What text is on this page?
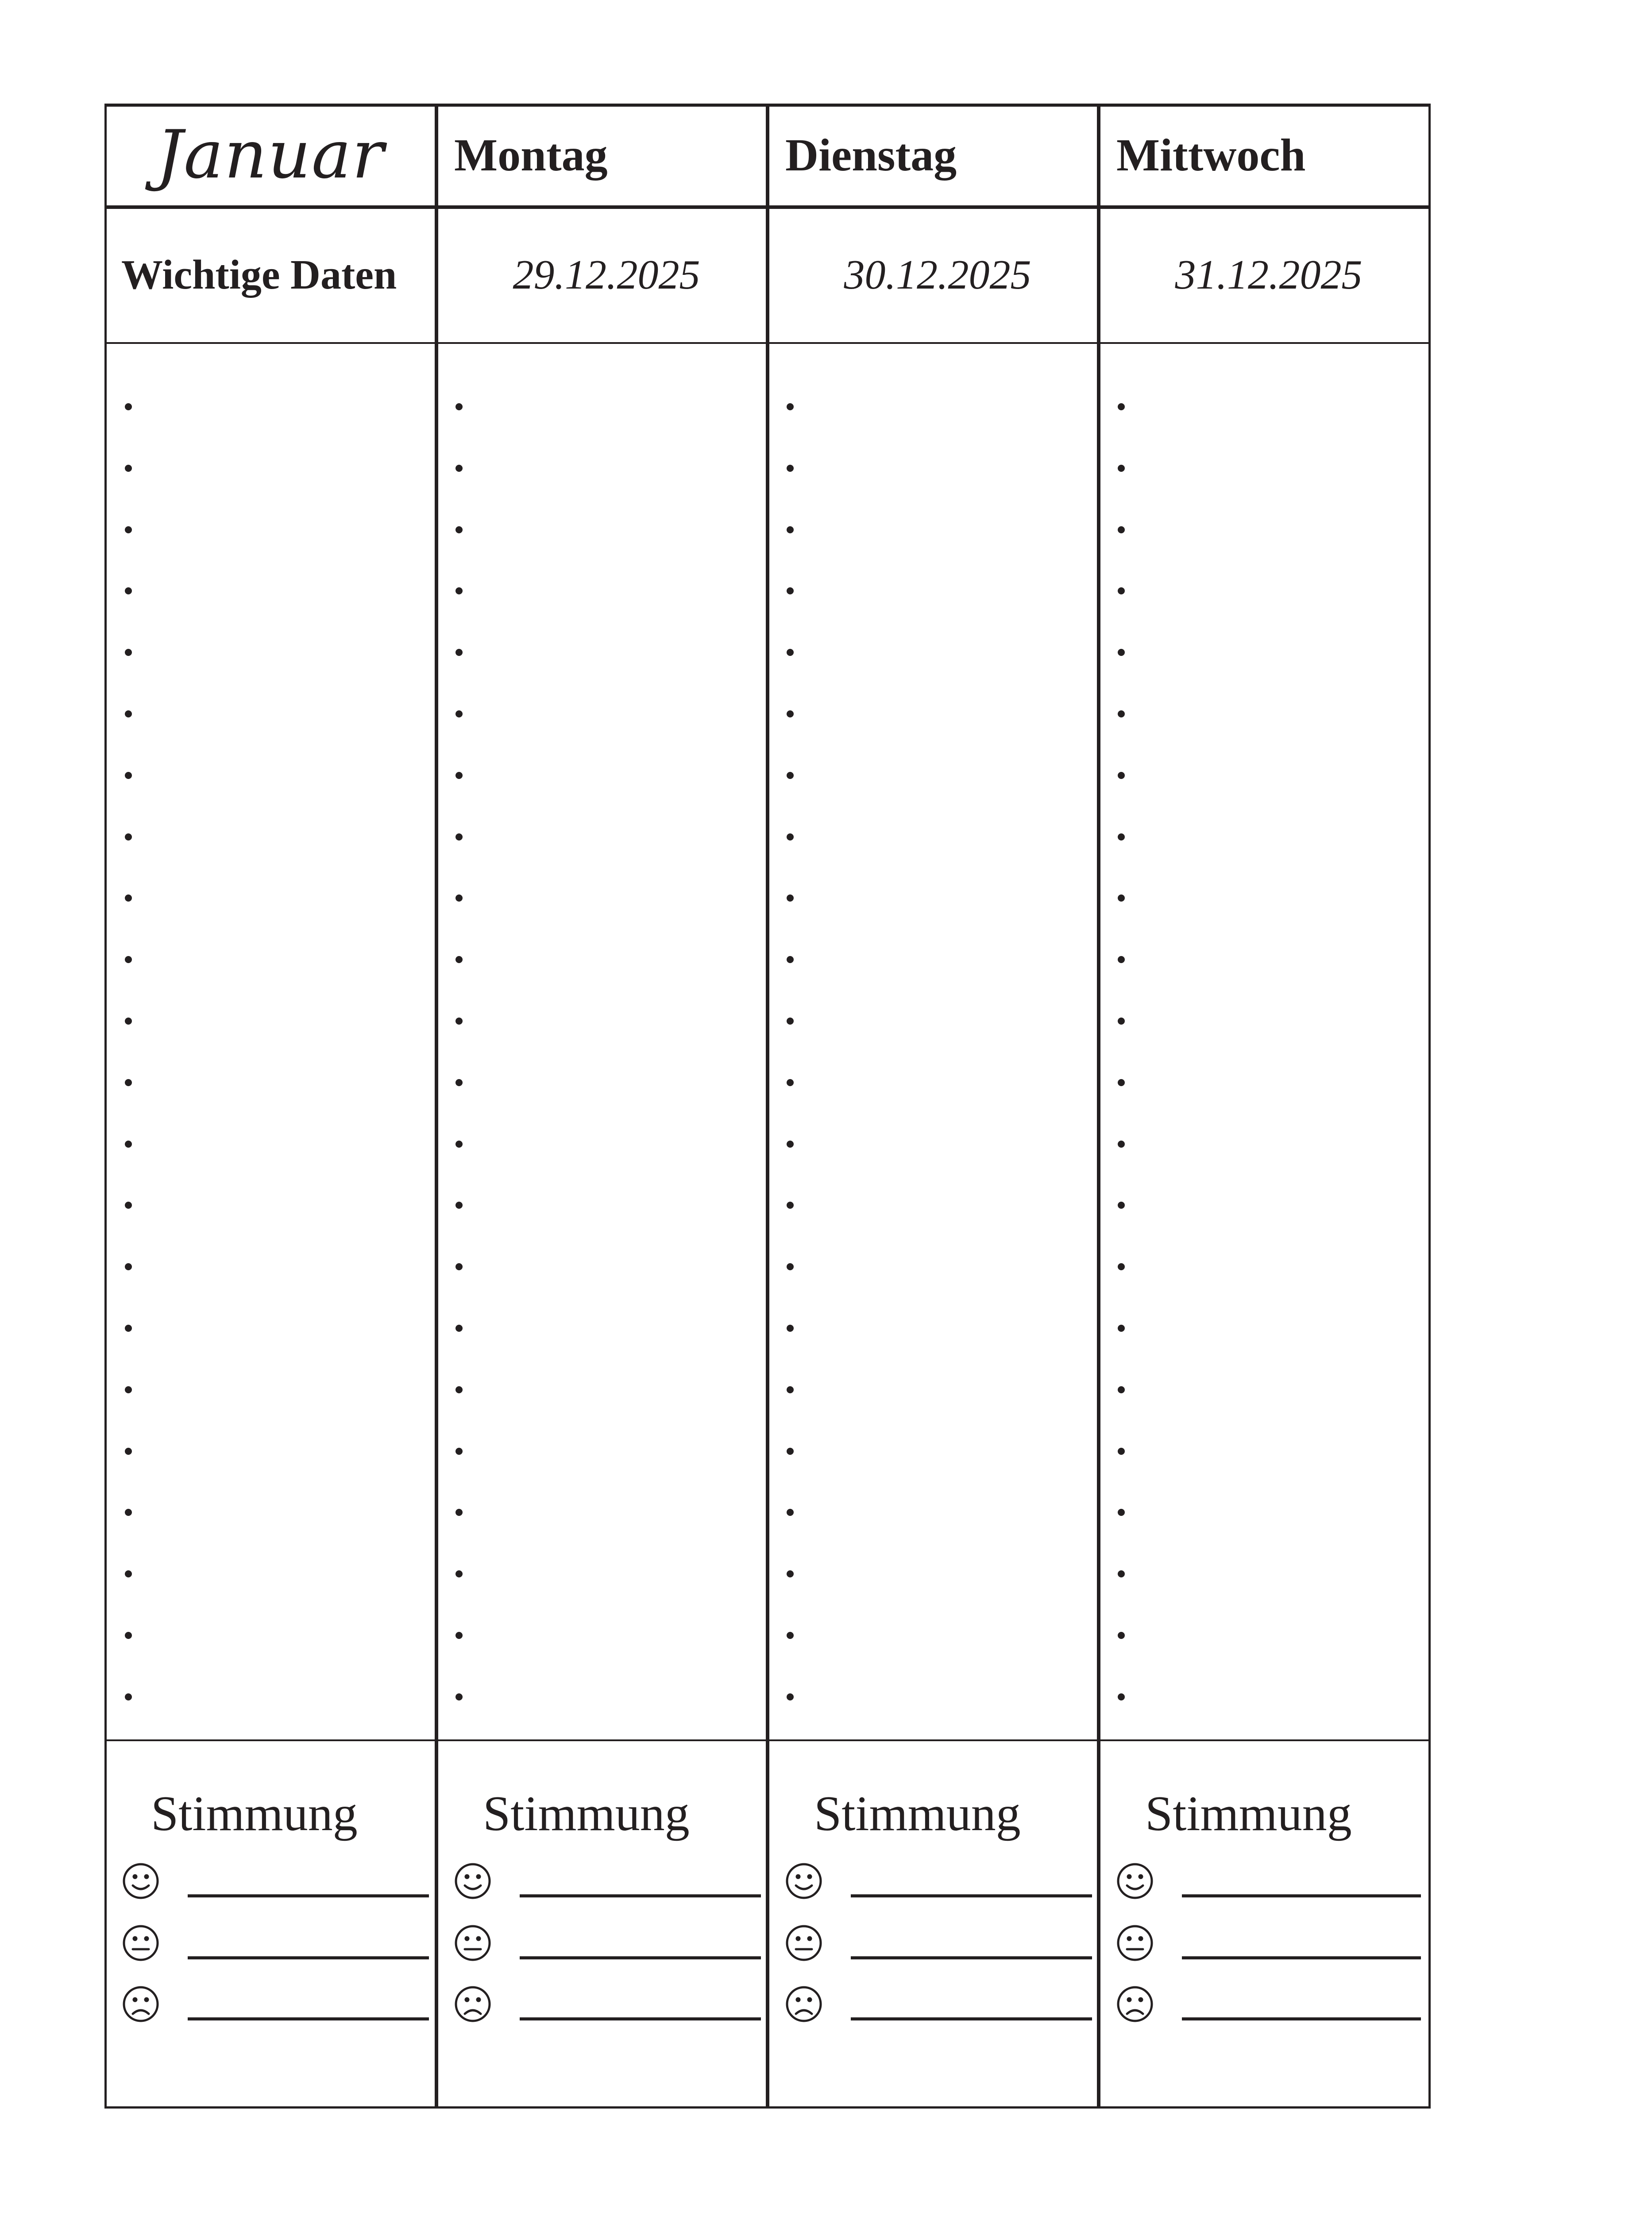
Januar	Montag	Dienstag	Mittwoch
Wichtige Daten	29.12.2025	30.12.2025	31.12.2025
Stimmung	Stimmung	Stimmung	Stimmung
